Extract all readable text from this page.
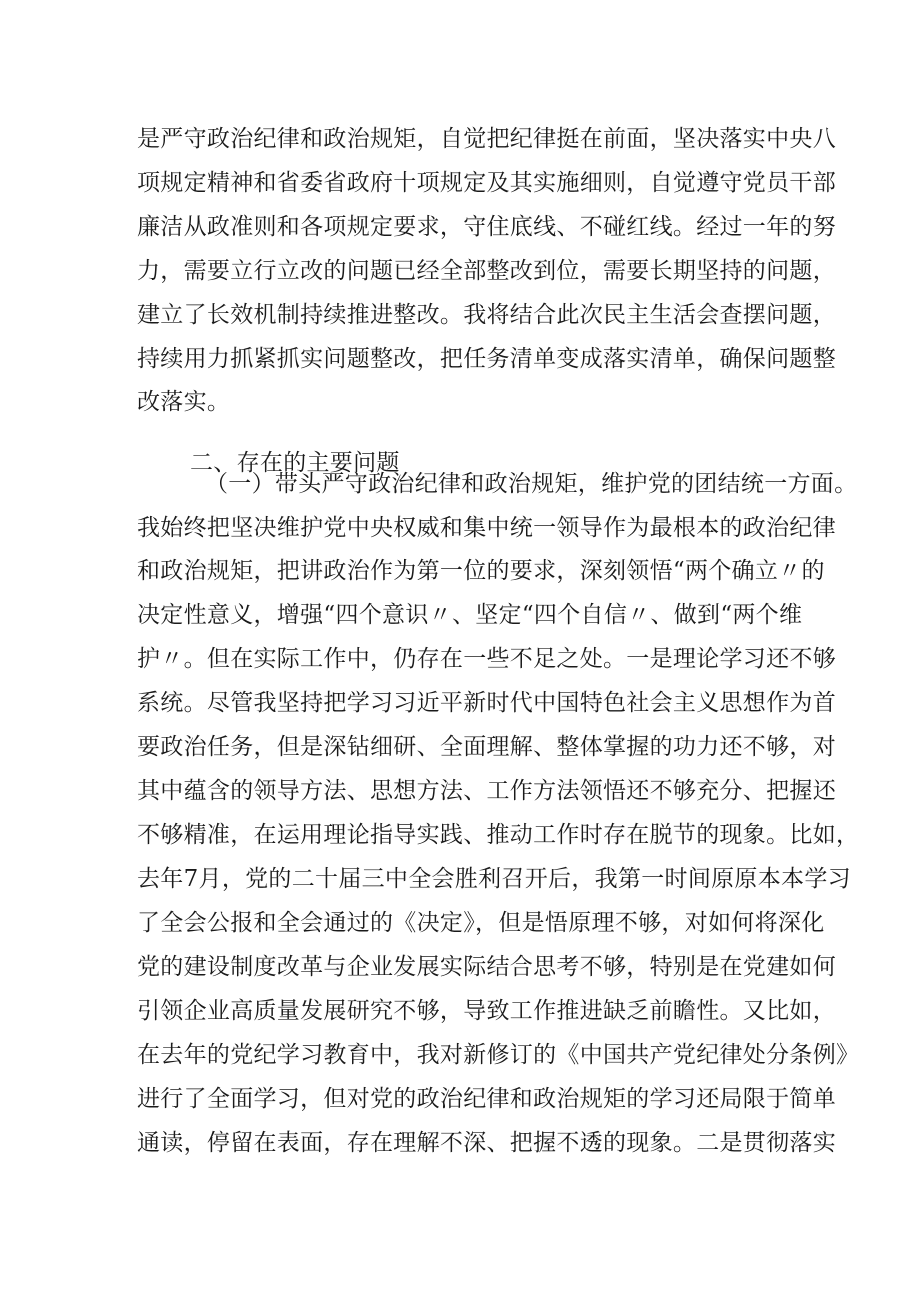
是严守政治纪律和政治规矩，自觉把纪律挺在前面，坚决落实中央八
项规定精神和省委省政府十项规定及其实施细则，自觉遵守党员干部
廉洁从政准则和各项规定要求，守住底线、不碰红线。经过一年的努
力，需要立行立改的问题已经全部整改到位，需要长期坚持的问题，
建立了长效机制持续推进整改。我将结合此次民主生活会查摆问题，
持续用力抓紧抓实问题整改，把任务清单变成落实清单，确保问题整
改落实。
二、存在的主要问题
（一）带头严守政治纪律和政治规矩，维护党的团结统一方面。
我始终把坚决维护党中央权威和集中统一领导作为最根本的政治纪律
和政治规矩，把讲政治作为第一位的要求，深刻领悟“两个确立〃的
决定性意义，增强“四个意识〃、坚定“四个自信〃、做到“两个维
护〃。但在实际工作中，仍存在一些不足之处。一是理论学习还不够
系统。尽管我坚持把学习习近平新时代中国特色社会主义思想作为首
要政治任务，但是深钻细研、全面理解、整体掌握的功力还不够，对
其中蕴含的领导方法、思想方法、工作方法领悟还不够充分、把握还
不够精准，在运用理论指导实践、推动工作时存在脱节的现象。比如，
去年7月，党的二十届三中全会胜利召开后，我第一时间原原本本学习
了全会公报和全会通过的《决定》，但是悟原理不够，对如何将深化
党的建设制度改革与企业发展实际结合思考不够，特别是在党建如何
引领企业高质量发展研究不够，导致工作推进缺乏前瞻性。又比如，
在去年的党纪学习教育中，我对新修订的《中国共产党纪律处分条例》
进行了全面学习，但对党的政治纪律和政治规矩的学习还局限于简单
通读，停留在表面，存在理解不深、把握不透的现象。二是贯彻落实
